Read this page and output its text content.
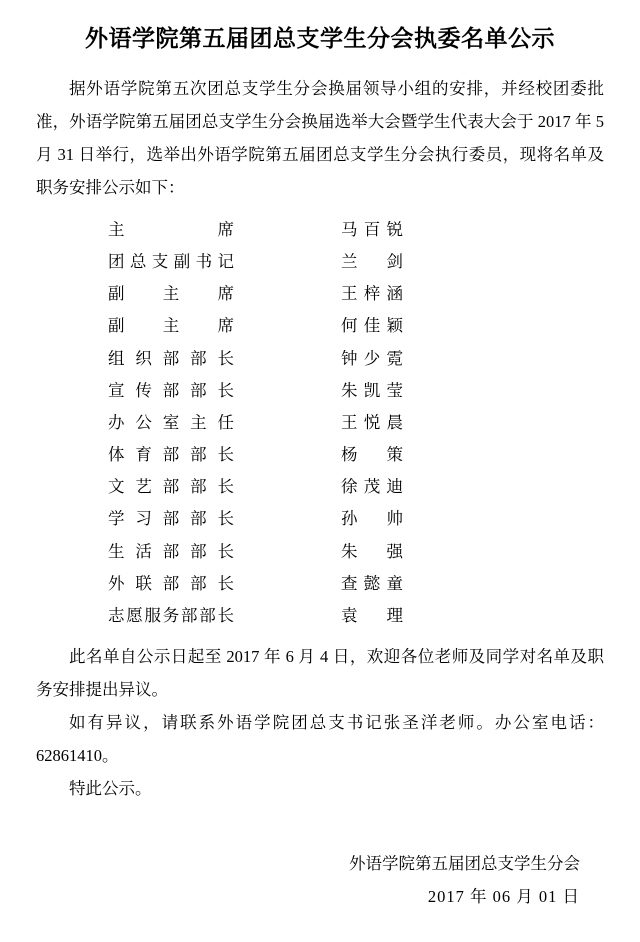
外语学院第五届团总支学生分会执委名单公示

据外语学院第五次团总支学生分会换届领导小组的安排，并经校团委批准，外语学院第五届团总支学生分会换届选举大会暨学生代表大会于 2017 年 5 月 31 日举行，选举出外语学院第五届团总支学生分会执行委员，现将名单及职务安排公示如下：

主席	马百锐
团总支副书记	兰剑
副主席	王梓涵
副主席	何佳颖
组织部部长	钟少霓
宣传部部长	朱凯莹
办公室主任	王悦晨
体育部部长	杨策
文艺部部长	徐茂迪
学习部部长	孙帅
生活部部长	朱强
外联部部长	查懿童
志愿服务部部长	袁理

此名单自公示日起至 2017 年 6 月 4 日，欢迎各位老师及同学对名单及职务安排提出异议。

如有异议，请联系外语学院团总支书记张圣洋老师。办公室电话：62861410。

特此公示。

外语学院第五届团总支学生分会
2017 年 06 月 01 日
